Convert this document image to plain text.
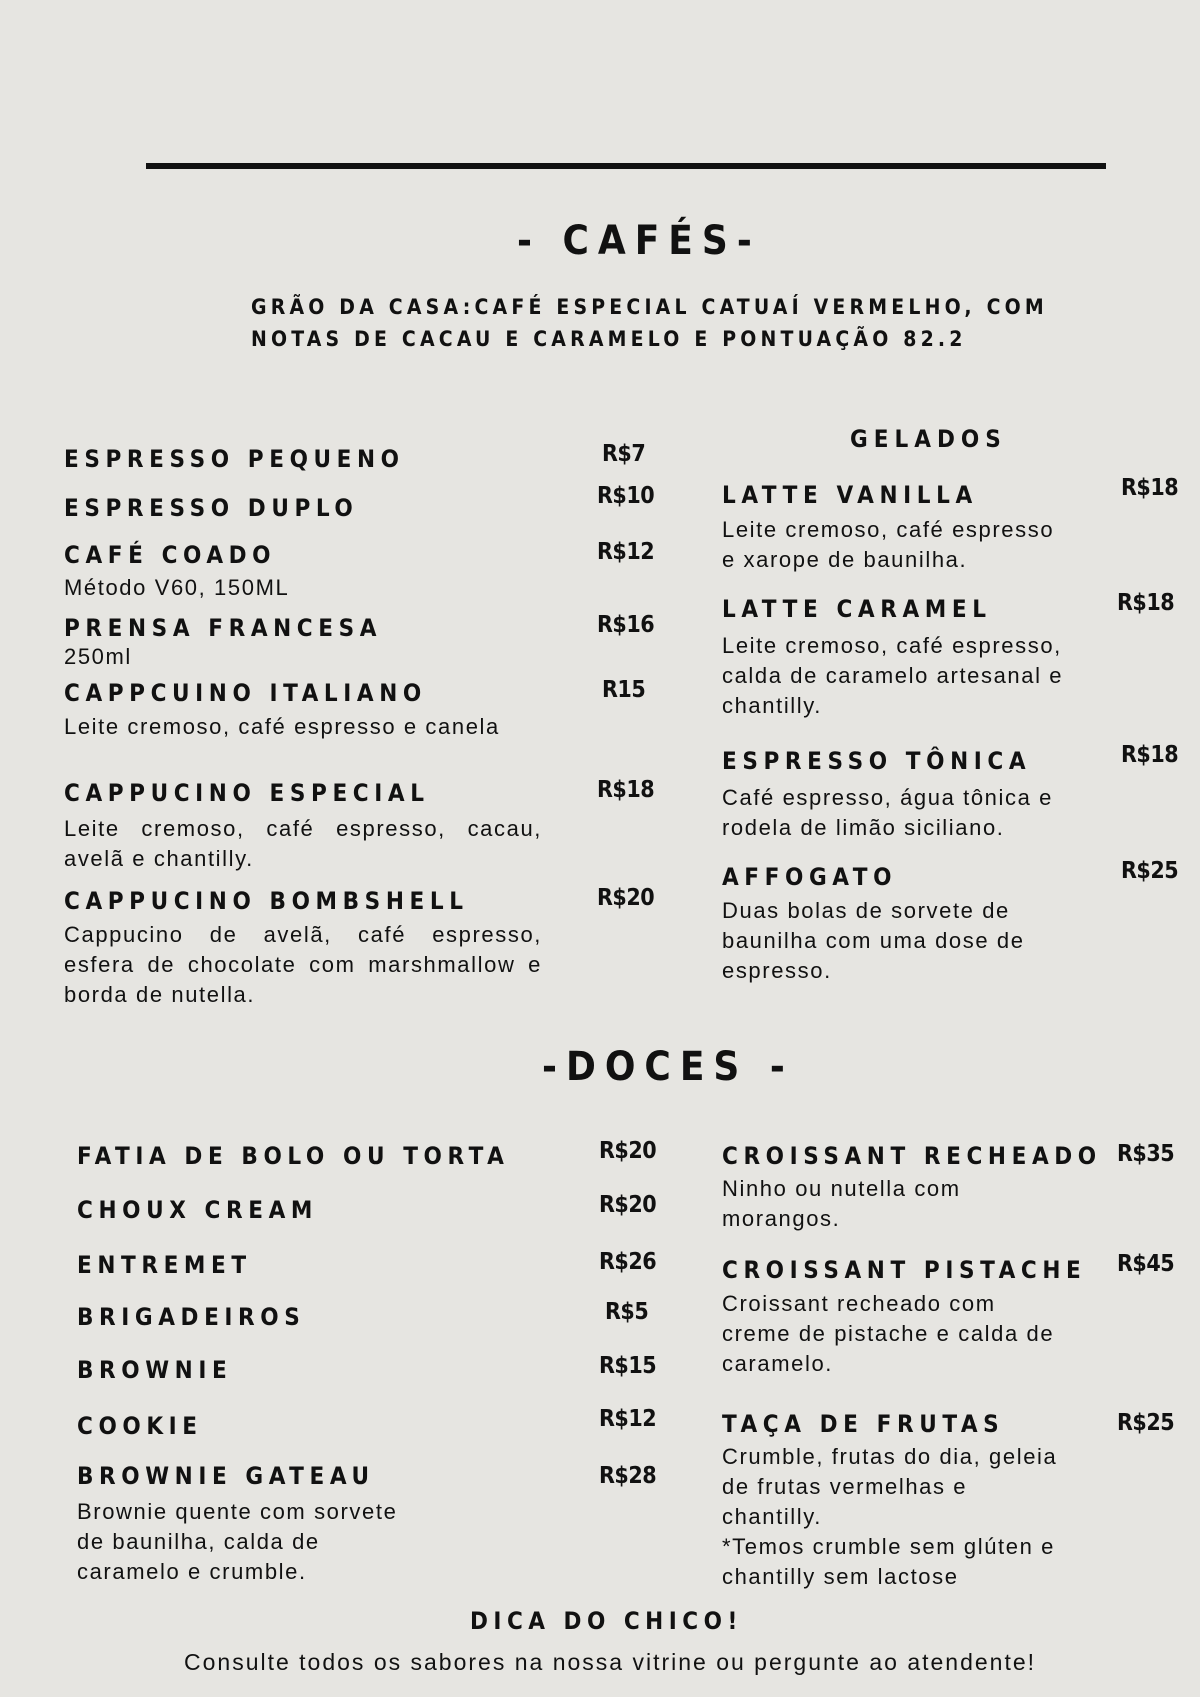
- CAFÉS-
GRÃO DA CASA:CAFÉ ESPECIAL CATUAÍ VERMELHO, COM
NOTAS DE CACAU E CARAMELO E PONTUAÇÃO 82.2
ESPRESSO PEQUENO	R$7
ESPRESSO DUPLO	R$10
CAFÉ COADO	R$12
Método V60, 150ML
PRENSA FRANCESA	R$16
250ml
CAPPCUINO ITALIANO	R15
Leite cremoso, café espresso e canela
CAPPUCINO ESPECIAL	R$18
Leite cremoso, café espresso, cacau, avelã e chantilly.
CAPPUCINO BOMBSHELL	R$20
Cappucino de avelã, café espresso, esfera de chocolate com marshmallow e borda de nutella.
GELADOS
LATTE VANILLA	R$18
Leite cremoso, café espresso
e xarope de baunilha.
LATTE CARAMEL	R$18
Leite cremoso, café espresso,
calda de caramelo artesanal e
chantilly.
ESPRESSO TÔNICA	R$18
Café espresso, água tônica e
rodela de limão siciliano.
AFFOGATO	R$25
Duas bolas de sorvete de
baunilha com uma dose de
espresso.
-DOCES -
FATIA DE BOLO OU TORTA	R$20
CHOUX CREAM	R$20
ENTREMET	R$26
BRIGADEIROS	R$5
BROWNIE	R$15
COOKIE	R$12
BROWNIE GATEAU	R$28
Brownie quente com sorvete
de baunilha, calda de
caramelo e crumble.
CROISSANT RECHEADO R$35
Ninho ou nutella com
morangos.
CROISSANT PISTACHE R$45
Croissant recheado com
creme de pistache e calda de
caramelo.
TAÇA DE FRUTAS	R$25
Crumble, frutas do dia, geleia
de frutas vermelhas e
chantilly.
*Temos crumble sem glúten e
chantilly sem lactose
DICA DO CHICO!
Consulte todos os sabores na nossa vitrine ou pergunte ao atendente!
